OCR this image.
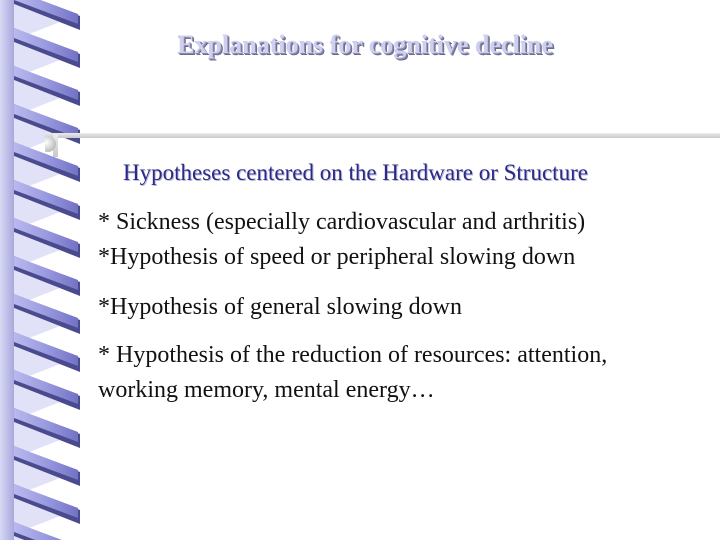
Explanations for cognitive decline
Hypotheses centered on the Hardware or Structure
* Sickness (especially cardiovascular and arthritis)
*Hypothesis of speed or peripheral slowing down
*Hypothesis of general slowing down
* Hypothesis of the reduction of resources: attention,
working memory, mental energy…
